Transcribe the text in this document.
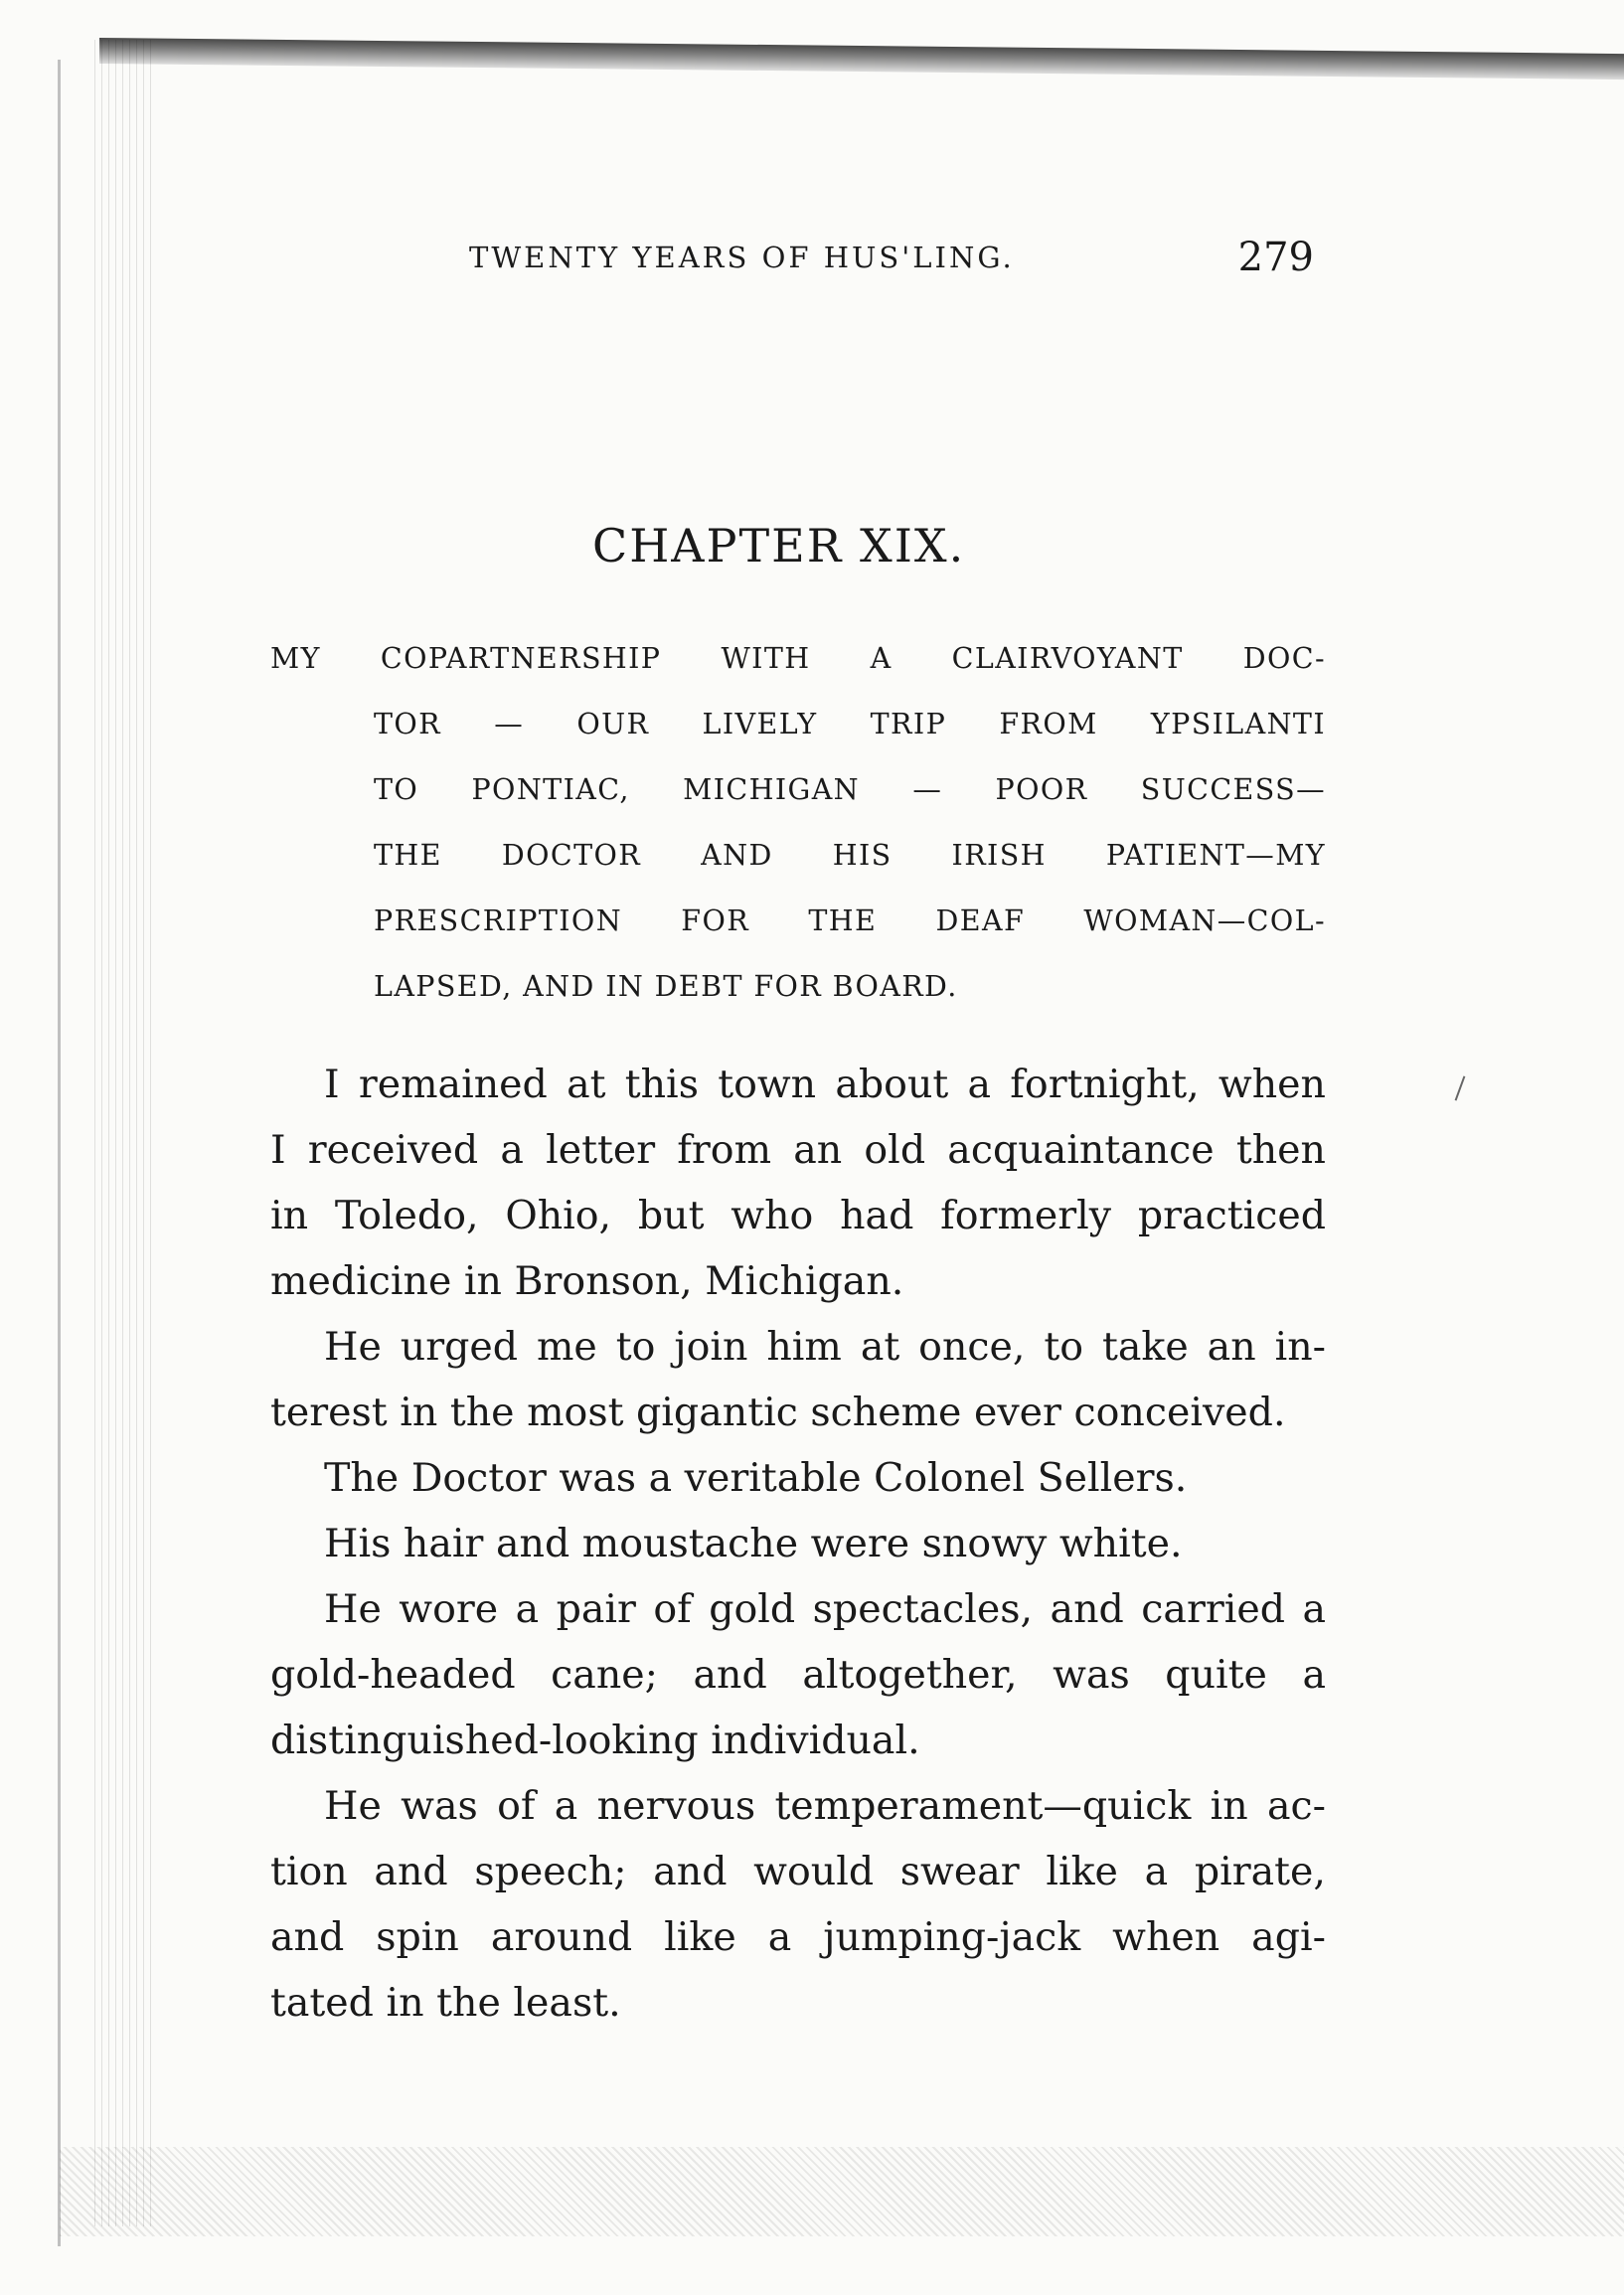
TWENTY YEARS OF HUS'LING.	279
CHAPTER XIX.
MY COPARTNERSHIP WITH A CLAIRVOYANT DOC-
TOR — OUR LIVELY TRIP FROM YPSILANTI
TO PONTIAC, MICHIGAN — POOR SUCCESS—
THE DOCTOR AND HIS IRISH PATIENT—MY
PRESCRIPTION FOR THE DEAF WOMAN—COL-
LAPSED, AND IN DEBT FOR BOARD.
I remained at this town about a fortnight, when
I received a letter from an old acquaintance then
in Toledo, Ohio, but who had formerly practiced
medicine in Bronson, Michigan.
He urged me to join him at once, to take an in-
terest in the most gigantic scheme ever conceived.
The Doctor was a veritable Colonel Sellers.
His hair and moustache were snowy white.
He wore a pair of gold spectacles, and carried a
gold-headed cane; and altogether, was quite a
distinguished-looking individual.
He was of a nervous temperament—quick in ac-
tion and speech; and would swear like a pirate,
and spin around like a jumping-jack when agi-
tated in the least.
